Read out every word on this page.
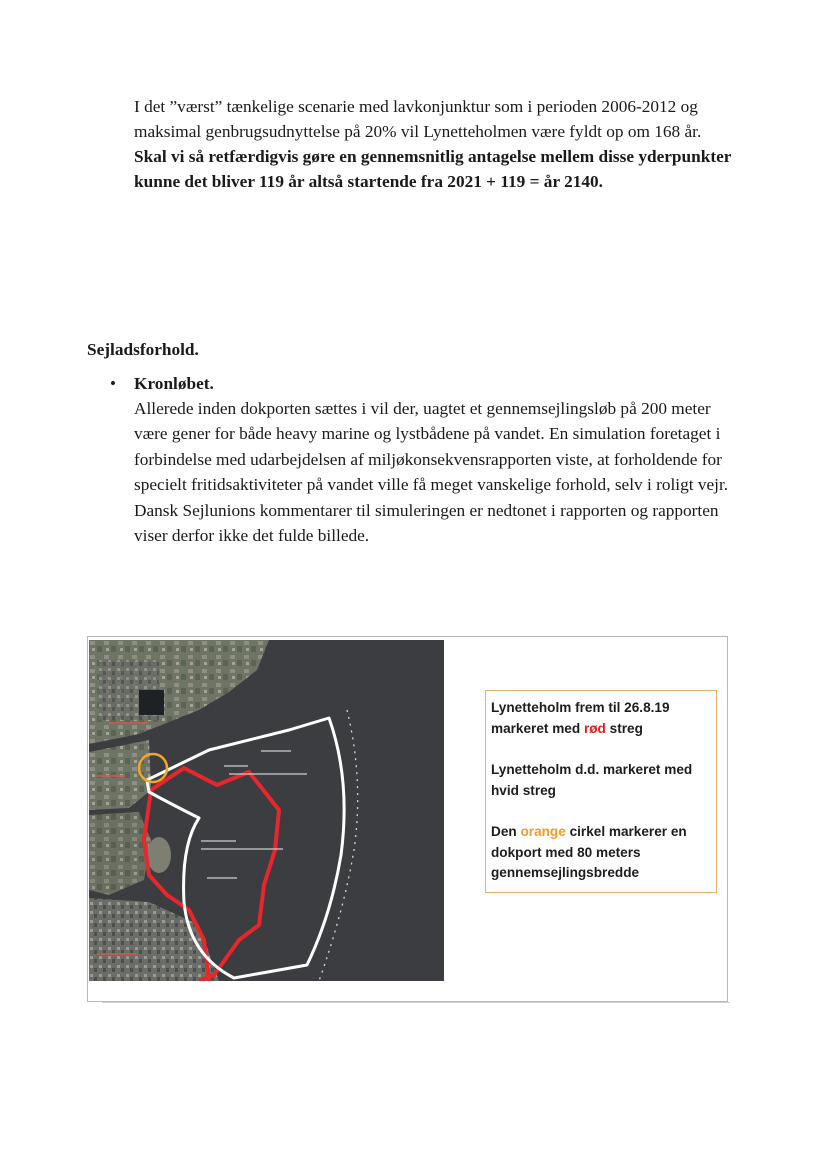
I det ”værst” tænkelige scenarie med lavkonjunktur som i perioden 2006-2012 og maksimal genbrugsudnyttelse på 20% vil Lynetteholmen være fyldt op om 168 år.
Skal vi så retfærdigvis gøre en gennemsnitlig antagelse mellem disse yderpunkter kunne det bliver 119 år altså startende fra 2021 + 119 = år 2140.
Sejladsforhold.
• Kronløbet.
Allerede inden dokporten sættes i vil der, uagtet et gennemsejlingsløb på 200 meter være gener for både heavy marine og lystbådene på vandet. En simulation foretaget i forbindelse med udarbejdelsen af miljøkonsekvensrapporten viste, at forholdende for specielt fritidsaktiviteter på vandet ville få meget vanskelige forhold, selv i roligt vejr. Dansk Sejlunions kommentarer til simuleringen er nedtonet i rapporten og rapporten viser derfor ikke det fulde billede.
Lynetteholm frem til 26.8.19 markeret med rød streg
Lynetteholm d.d. markeret med hvid streg
Den orange cirkel markerer en dokport med 80 meters gennemsejlingsbredde
